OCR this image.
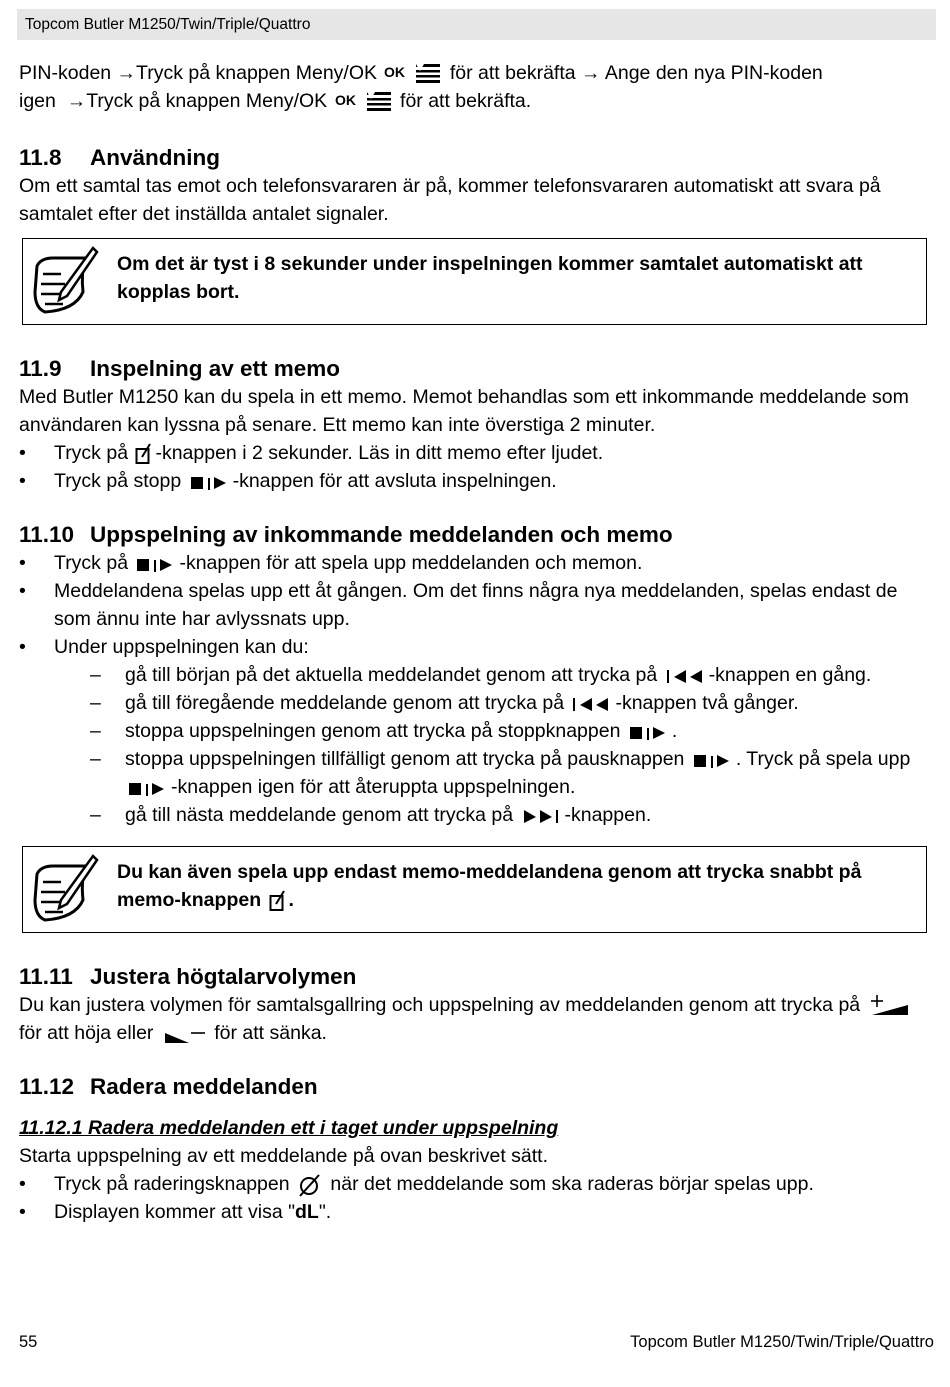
Topcom Butler M1250/Twin/Triple/Quattro

PIN-koden →Tryck på knappen Meny/OK OK för att bekräfta → Ange den nya PIN-koden
igen  →Tryck på knappen Meny/OK OK för att bekräfta.

11.8 Användning

Om ett samtal tas emot och telefonsvararen är på, kommer telefonsvararen automatiskt att svara på samtalet efter det inställda antalet signaler.

Om det är tyst i 8 sekunder under inspelningen kommer samtalet automatiskt att kopplas bort.
11.9 Inspelning av ett memo

Med Butler M1250 kan du spela in ett memo. Memot behandlas som ett inkommande meddelande som användaren kan lyssna på senare. Ett memo kan inte överstiga 2 minuter.

• Tryck på -knappen i 2 sekunder. Läs in ditt memo efter ljudet.
• Tryck på stopp	-knappen för att avsluta inspelningen.
11.10 Uppspelning av inkommande meddelanden och memo
• Tryck på	-knappen för att spela upp meddelanden och memon.
• Meddelandena spelas upp ett åt gången. Om det finns några nya meddelanden, spelas endast de som ännu inte har avlyssnats upp.
• Under uppspelningen kan du:
– gå till början på det aktuella meddelandet genom att trycka på	-knappen en gång.
– gå till föregående meddelande genom att trycka på	-knappen två gånger.
– stoppa uppspelningen genom att trycka på stoppknappen	.
– stoppa uppspelningen tillfälligt genom att trycka på pausknappen	. Tryck på spela upp -knappen igen för att återuppta uppspelningen.
– gå till nästa meddelande genom att trycka på	-knappen.
Du kan även spela upp endast memo-meddelandena genom att trycka snabbt på memo-knappen .
11.11 Justera högtalarvolymen

Du kan justera volymen för samtalsgallring och uppspelning av meddelanden genom att trycka på  för att höja eller	för att sänka.

11.12 Radera meddelanden
11.12.1 Radera meddelanden ett i taget under uppspelning

Starta uppspelning av ett meddelande på ovan beskrivet sätt.

• Tryck på raderingsknappen när det meddelande som ska raderas börjar spelas upp.
• Displayen kommer att visa "dL".
55	Topcom Butler M1250/Twin/Triple/Quattro
